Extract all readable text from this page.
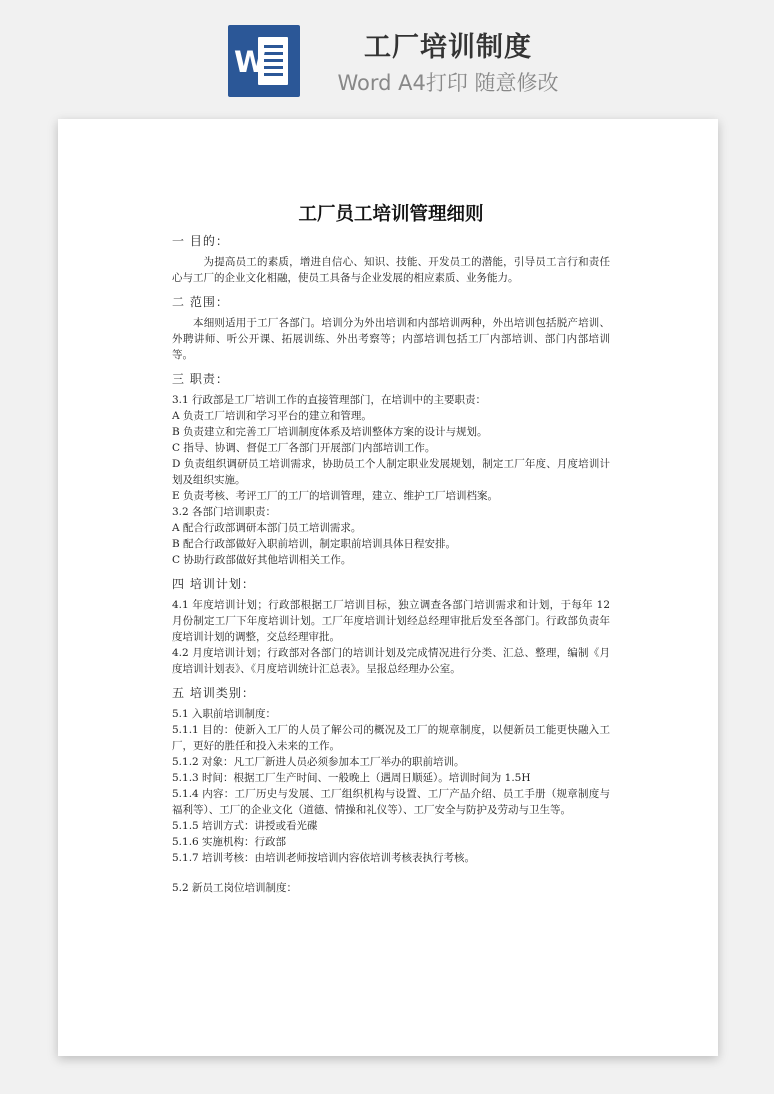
W	工厂培训制度
Word A4打印 随意修改

工厂员工培训管理细则
一 目的：

为提高员工的素质，增进自信心、知识、技能、开发员工的潜能，引导员工言行和责任心与工厂的企业文化相融，使员工具备与企业发展的相应素质、业务能力。

二 范围：

本细则适用于工厂各部门。培训分为外出培训和内部培训两种，外出培训包括脱产培训、外聘讲师、听公开课、拓展训练、外出考察等；内部培训包括工厂内部培训、部门内部培训等。

三 职责：

3.1 行政部是工厂培训工作的直接管理部门，在培训中的主要职责：

A 负责工厂培训和学习平台的建立和管理。

B 负责建立和完善工厂培训制度体系及培训整体方案的设计与规划。

C 指导、协调、督促工厂各部门开展部门内部培训工作。

D 负责组织调研员工培训需求，协助员工个人制定职业发展规划，制定工厂年度、月度培训计划及组织实施。

E 负责考核、考评工厂的工厂的培训管理，建立、维护工厂培训档案。

3.2 各部门培训职责：

A 配合行政部调研本部门员工培训需求。

B 配合行政部做好入职前培训，制定职前培训具体日程安排。

C 协助行政部做好其他培训相关工作。

四 培训计划：

4.1 年度培训计划；行政部根据工厂培训目标，独立调查各部门培训需求和计划，于每年 12 月份制定工厂下年度培训计划。工厂年度培训计划经总经理审批后发至各部门。行政部负责年度培训计划的调整，交总经理审批。

4.2 月度培训计划；行政部对各部门的培训计划及完成情况进行分类、汇总、整理，编制《月度培训计划表》、《月度培训统计汇总表》。呈报总经理办公室。

五 培训类别：

5.1 入职前培训制度：

5.1.1 目的：使新入工厂的人员了解公司的概况及工厂的规章制度，以便新员工能更快融入工厂，更好的胜任和投入未来的工作。

5.1.2 对象：凡工厂新进人员必须参加本工厂举办的职前培训。

5.1.3 时间：根据工厂生产时间、一般晚上（遇周日顺延）。培训时间为 1.5H

5.1.4 内容：工厂历史与发展、工厂组织机构与设置、工厂产品介绍、员工手册（规章制度与福利等）、工厂的企业文化（道德、情操和礼仪等）、工厂安全与防护及劳动与卫生等。

5.1.5 培训方式：讲授或看光碟

5.1.6 实施机构：行政部

5.1.7 培训考核：由培训老师按培训内容依培训考核表执行考核。

5.2 新员工岗位培训制度：
